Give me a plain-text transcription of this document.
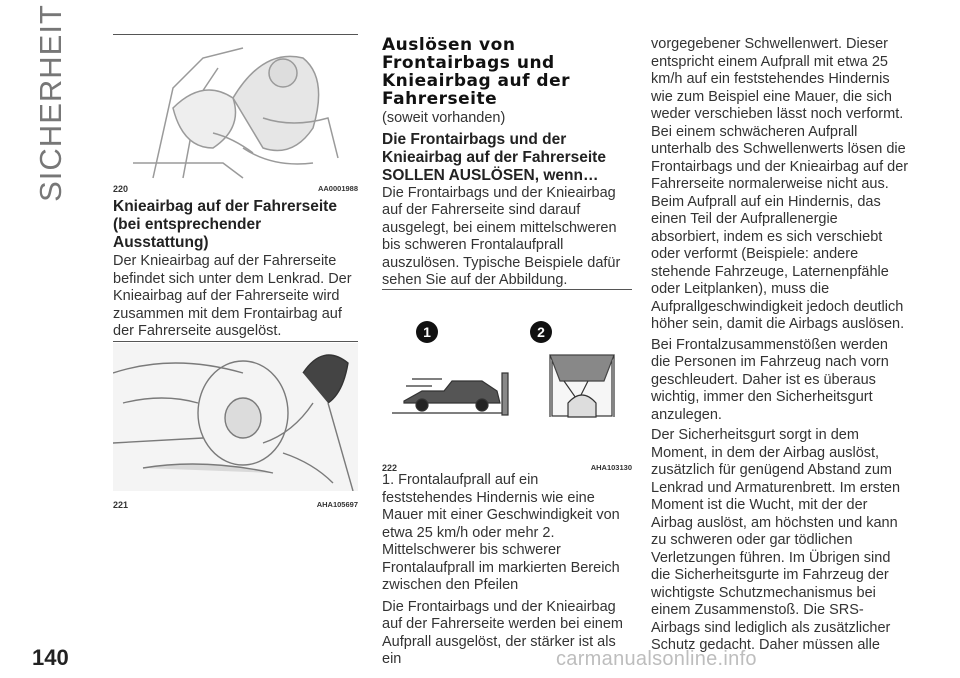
SICHERHEIT	220	AA0001988
Knieairbag auf der Fahrerseite (bei entsprechender Ausstattung)

Der Knieairbag auf der Fahrerseite befindet sich unter dem Lenkrad. Der Knieairbag auf der Fahrerseite wird zusammen mit dem Frontairbag auf der Fahrerseite ausgelöst.

221	AHA105697
Auslösen von Frontairbags und Knieairbag auf der Fahrerseite

(soweit vorhanden)

Die Frontairbags und der Knieairbag auf der Fahrerseite SOLLEN AUSLÖSEN, wenn…

Die Frontairbags und der Knieairbag auf der Fahrerseite sind darauf ausgelegt, bei einem mittelschweren bis schweren Frontalaufprall auszulösen. Typische Beispiele dafür sehen Sie auf der Abbildung.

1	2
222	AHA103130

1. Frontalaufprall auf ein feststehendes Hindernis wie eine Mauer mit einer Geschwindigkeit von etwa 25 km/h oder mehr 2. Mittelschwerer bis schwerer Frontalaufprall im markierten Bereich zwischen den Pfeilen

Die Frontairbags und der Knieairbag auf der Fahrerseite werden bei einem Aufprall ausgelöst, der stärker ist als ein

vorgegebener Schwellenwert. Dieser entspricht einem Aufprall mit etwa 25 km/h auf ein feststehendes Hindernis wie zum Beispiel eine Mauer, die sich weder verschieben lässt noch verformt. Bei einem schwächeren Aufprall

unterhalb des Schwellenwerts lösen die Frontairbags und der Knieairbag auf der Fahrerseite normalerweise nicht aus. Beim Aufprall auf ein Hindernis, das einen Teil der Aufprallenergie absorbiert, indem es sich verschiebt oder verformt (Beispiele: andere stehende Fahrzeuge, Laternenpfähle oder Leitplanken), muss die Aufprallgeschwindigkeit jedoch deutlich höher sein, damit die Airbags auslösen.

Bei Frontalzusammenstößen werden die Personen im Fahrzeug nach vorn geschleudert. Daher ist es überaus wichtig, immer den Sicherheitsgurt anzulegen.

Der Sicherheitsgurt sorgt in dem Moment, in dem der Airbag auslöst, zusätzlich für genügend Abstand zum Lenkrad und Armaturenbrett. Im ersten Moment ist die Wucht, mit der der Airbag auslöst, am höchsten und kann zu schweren oder gar tödlichen Verletzungen führen. Im Übrigen sind die Sicherheitsgurte im Fahrzeug der wichtigste Schutzmechanismus bei einem Zusammenstoß. Die SRS-Airbags sind lediglich als zusätzlicher Schutz gedacht. Daher müssen alle

140	carmanualsonline.info
